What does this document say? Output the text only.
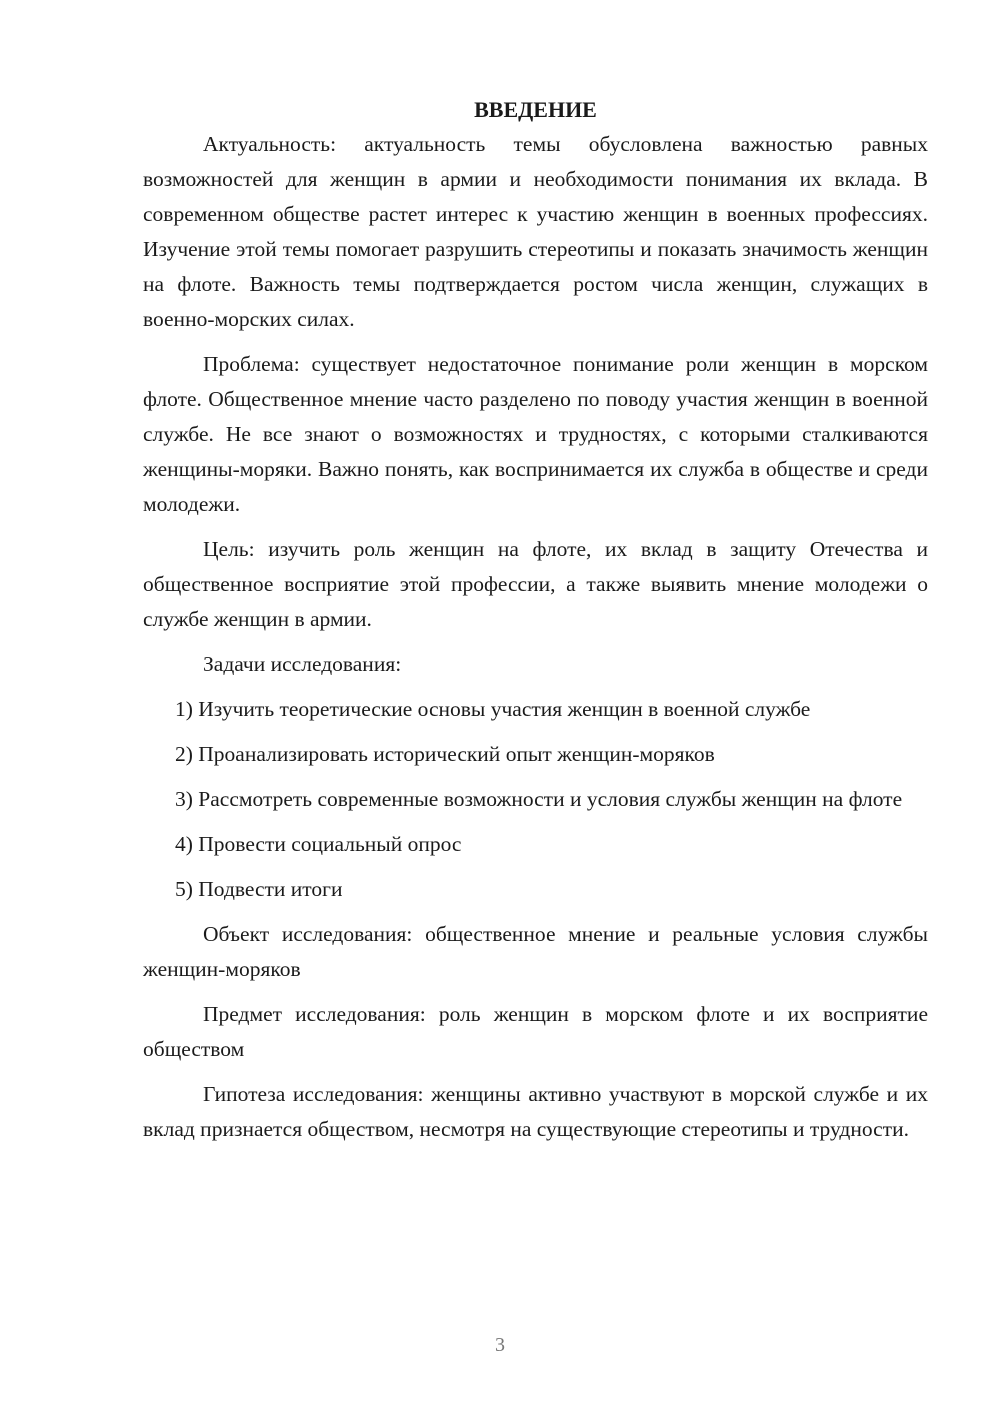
ВВЕДЕНИЕ

Актуальность: актуальность темы обусловлена важностью равных возможностей для женщин в армии и необходимости понимания их вклада. В современном обществе растет интерес к участию женщин в военных профессиях. Изучение этой темы помогает разрушить стереотипы и показать значимость женщин на флоте. Важность темы подтверждается ростом числа женщин, служащих в военно-морских силах.

Проблема: существует недостаточное понимание роли женщин в морском флоте. Общественное мнение часто разделено по поводу участия женщин в военной службе. Не все знают о возможностях и трудностях, с которыми сталкиваются женщины-моряки. Важно понять, как воспринимается их служба в обществе и среди молодежи.

Цель: изучить роль женщин на флоте, их вклад в защиту Отечества и общественное восприятие этой профессии, а также выявить мнение молодежи о службе женщин в армии.

Задачи исследования:

1) Изучить теоретические основы участия женщин в военной службе

2) Проанализировать исторический опыт женщин-моряков

3) Рассмотреть современные возможности и условия службы женщин на флоте

4) Провести социальный опрос

5) Подвести итоги

Объект исследования: общественное мнение и реальные условия службы женщин-моряков

Предмет исследования: роль женщин в морском флоте и их восприятие обществом

Гипотеза исследования: женщины активно участвуют в морской службе и их вклад признается обществом, несмотря на существующие стереотипы и трудности.

3
